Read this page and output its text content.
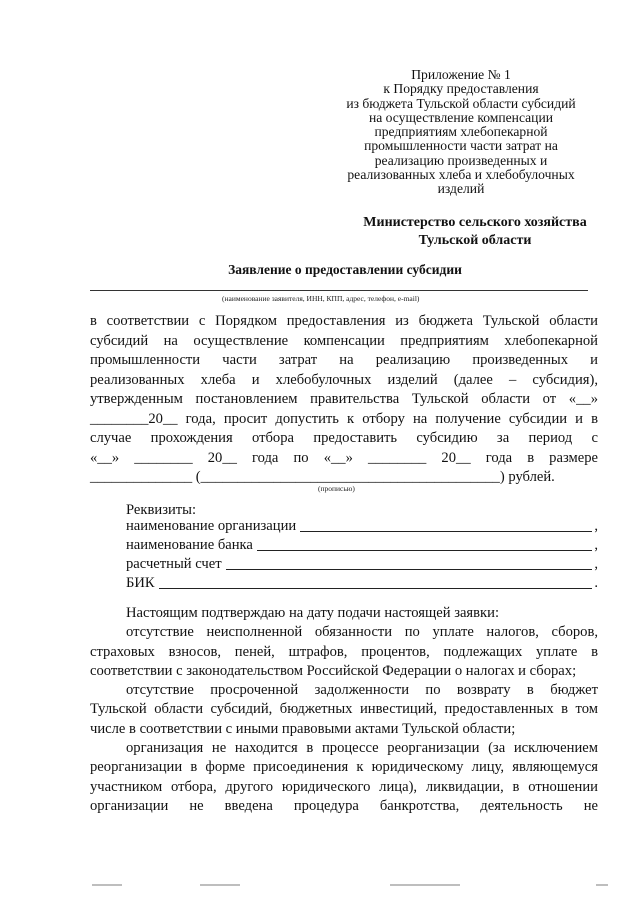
Приложение № 1
к Порядку предоставления
из бюджета Тульской области субсидий
на осуществление компенсации
предприятиям хлебопекарной
промышленности части затрат на
реализацию произведенных и
реализованных хлеба и хлебобулочных
изделий
Министерство сельского хозяйства
Тульской области
Заявление о предоставлении субсидии
(наименование заявителя, ИНН, КПП, адрес, телефон, e-mail)
в соответствии с Порядком предоставления из бюджета Тульской области
субсидий на осуществление компенсации предприятиям хлебопекарной
промышленности части затрат на реализацию произведенных и
реализованных хлеба и хлебобулочных изделий (далее – субсидия),
утвержденным постановлением правительства Тульской области от «__»
________20__ года, просит допустить к отбору на получение субсидии и в
случае прохождения отбора предоставить субсидию за период с
«__» ________ 20__ года по «__» ________ 20__ года в размере
______________ (_________________________________________) рублей.
(прописью)
Реквизиты:
наименование организации	,
наименование банка	,
расчетный счет	,
БИК	.
Настоящим подтверждаю на дату подачи настоящей заявки:
отсутствие неисполненной обязанности по уплате налогов, сборов,
страховых взносов, пеней, штрафов, процентов, подлежащих уплате в
соответствии с законодательством Российской Федерации о налогах и сборах;
отсутствие просроченной задолженности по возврату в бюджет
Тульской области субсидий, бюджетных инвестиций, предоставленных в том
числе в соответствии с иными правовыми актами Тульской области;
организация не находится в процессе реорганизации (за исключением
реорганизации в форме присоединения к юридическому лицу, являющемуся
участником отбора, другого юридического лица), ликвидации, в отношении
организации не введена процедура банкротства, деятельность не
